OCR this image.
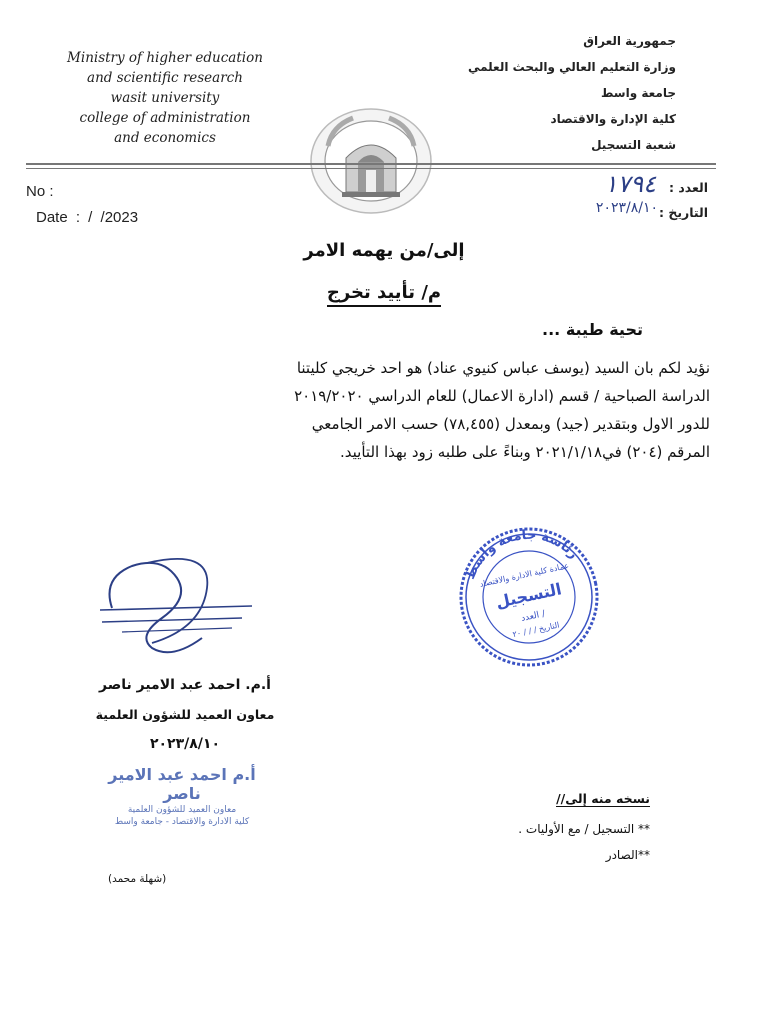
Ministry of higher education
and scientific research
wasit university
college of administration
and economics
جمهورية العراق
وزارة التعليم العالي والبحث العلمي
جامعة واسط
كلية الإدارة والاقتصاد
شعبة التسجيل
No :
Date : / /2023
العدد :
١٧٩٤
التاريخ :
٢٠٢٣/٨/١٠
إلى/من يهمه الامر
م/ تأييد تخرج
تحية طيبة ...

نؤيد لكم بان السيد (يوسف عباس كنيوي عناد) هو احد خريجي كليتنا

الدراسة الصباحية / قسم (ادارة الاعمال) للعام الدراسي ٢٠١٩/٢٠٢٠

للدور الاول وبتقدير (جيد) وبمعدل (٧٨,٤٥٥) حسب الامر الجامعي

المرقم (٢٠٤) في٢٠٢١/١/١٨ وبناءً على طلبه زود بهذا التأييد.

رئاسة جامعة واسط
عمادة كلية الادارة والاقتصاد
التسجيل
العدد /
التاريخ / / / ٢٠
أ.م. احمد عبد الامير ناصر
معاون العميد للشؤون العلمية
٢٠٢٣/٨/١٠
أ.م احمد عبد الامير ناصر
معاون العميد للشؤون العلمية
كلية الادارة والاقتصاد - جامعة واسط
نسخه منه إلى//
** التسجيل / مع الأوليات .
**الصادر
(شهلة محمد)
